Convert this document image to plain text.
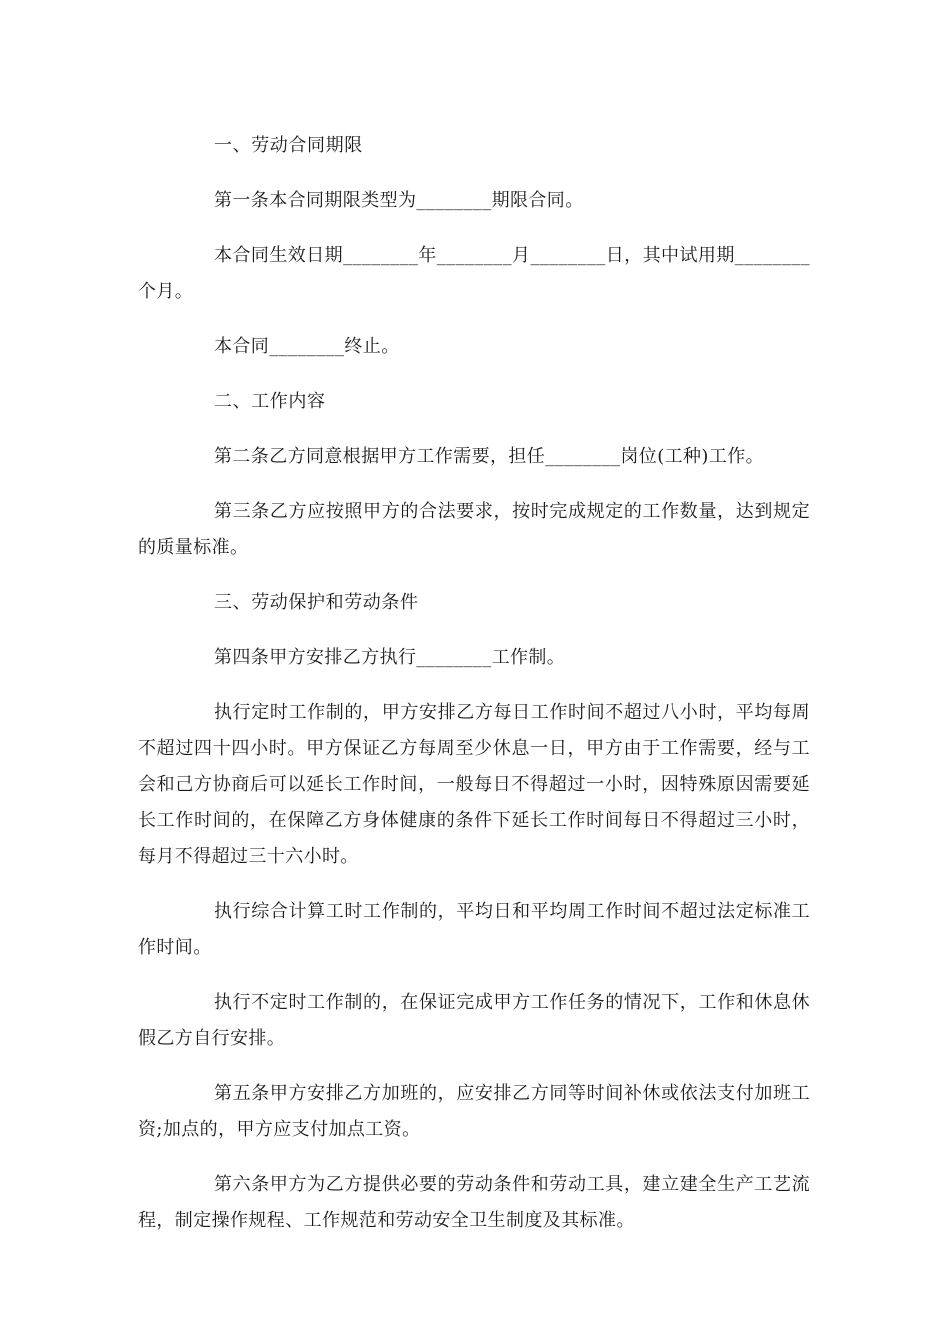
一、劳动合同期限

第一条本合同期限类型为________期限合同。

本合同生效日期________年________月________日，其中试用期________个月。

本合同________终止。

二、工作内容

第二条乙方同意根据甲方工作需要，担任________岗位(工种)工作。

第三条乙方应按照甲方的合法要求，按时完成规定的工作数量，达到规定的质量标准。

三、劳动保护和劳动条件

第四条甲方安排乙方执行________工作制。

执行定时工作制的，甲方安排乙方每日工作时间不超过八小时，平均每周不超过四十四小时。甲方保证乙方每周至少休息一日，甲方由于工作需要，经与工会和己方协商后可以延长工作时间，一般每日不得超过一小时，因特殊原因需要延长工作时间的，在保障乙方身体健康的条件下延长工作时间每日不得超过三小时，每月不得超过三十六小时。

执行综合计算工时工作制的，平均日和平均周工作时间不超过法定标准工作时间。

执行不定时工作制的，在保证完成甲方工作任务的情况下，工作和休息休假乙方自行安排。

第五条甲方安排乙方加班的，应安排乙方同等时间补休或依法支付加班工资;加点的，甲方应支付加点工资。

第六条甲方为乙方提供必要的劳动条件和劳动工具，建立建全生产工艺流程，制定操作规程、工作规范和劳动安全卫生制度及其标准。
